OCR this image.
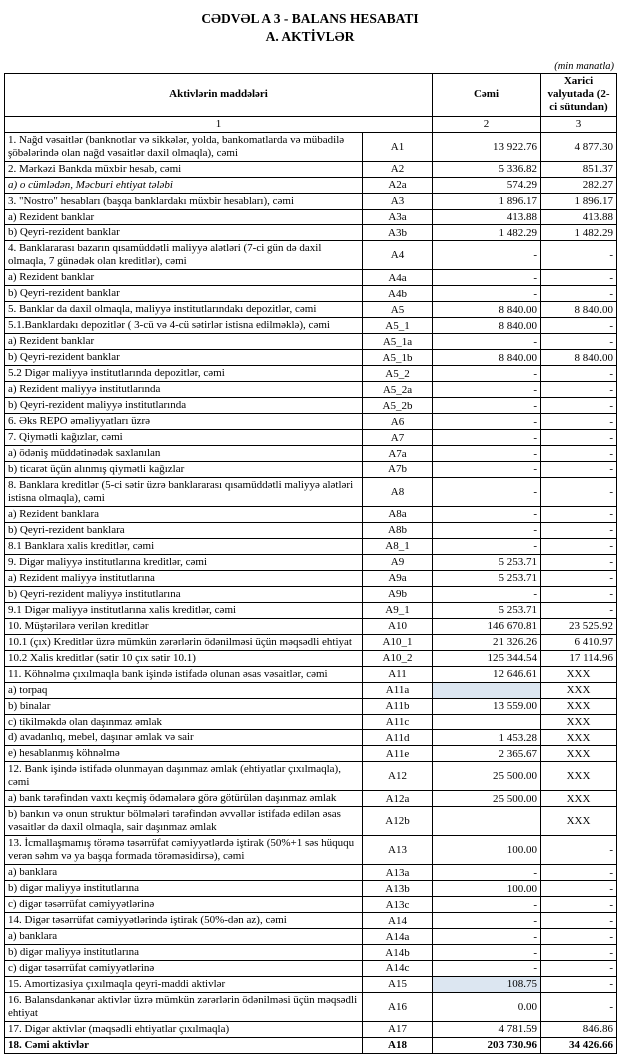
CƏDVƏL A 3 - BALANS HESABATI
A. AKTİVLƏR
(min manatla)
Aktivlərin maddələri		Cəmi	Xarici valyutada (2-ci sütundan)
1		2	3
1. Nağd vəsaitlər (banknotlar və sikkələr, yolda, bankomatlarda və mübadilə şöbələrində olan nağd vəsaitlər daxil olmaqla), cəmi	A1	13 922.76	4 877.30
2. Mərkəzi Bankda müxbir hesab, cəmi	A2	5 336.82	851.37
a) o cümlədən, Məcburi ehtiyat tələbi	A2a	574.29	282.27
3. "Nostro" hesabları (başqa banklardakı müxbir hesabları), cəmi	A3	1 896.17	1 896.17
a) Rezident banklar	A3a	413.88	413.88
b) Qeyri-rezident banklar	A3b	1 482.29	1 482.29
4. Banklararası bazarın qısamüddətli maliyyə alətləri (7-ci gün də daxil olmaqla, 7 günədək olan kreditlər), cəmi	A4	-	-
a) Rezident banklar	A4a	-	-
b) Qeyri-rezident banklar	A4b	-	-
5. Banklar da daxil olmaqla, maliyyə institutlarındakı depozitlər, cəmi	A5	8 840.00	8 840.00
5.1.Banklardakı depozitlər ( 3-cü və 4-cü sətirlər istisna edilməklə), cəmi	A5_1	8 840.00	-
a) Rezident banklar	A5_1a	-	-
b) Qeyri-rezident banklar	A5_1b	8 840.00	8 840.00
5.2 Digər maliyyə institutlarında depozitlər, cəmi	A5_2	-	-
a) Rezident maliyyə institutlarında	A5_2a	-	-
b) Qeyri-rezident maliyyə institutlarında	A5_2b	-	-
6. Əks REPO əməliyyatları üzrə	A6	-	-
7. Qiymətli kağızlar, cəmi	A7	-	-
a) ödəniş müddətinədək saxlanılan	A7a	-	-
b) ticarət üçün alınmış qiymətli kağızlar	A7b	-	-
8. Banklara kreditlər (5-ci sətir üzrə banklararası qısamüddətli maliyyə alətləri istisna olmaqla), cəmi	A8	-	-
a) Rezident banklara	A8a	-	-
b) Qeyri-rezident banklara	A8b	-	-
8.1 Banklara xalis kreditlər, cəmi	A8_1	-	-
9. Digər maliyyə institutlarına kreditlər, cəmi	A9	5 253.71	-
a) Rezident maliyyə institutlarına	A9a	5 253.71	-
b) Qeyri-rezident maliyyə institutlarına	A9b	-	-
9.1 Digər maliyyə institutlarına xalis kreditlər, cəmi	A9_1	5 253.71	-
10. Müştərilərə verilən kreditlər	A10	146 670.81	23 525.92
10.1 (çıx) Kreditlər üzrə mümkün zərərlərin ödənilməsi üçün məqsədli ehtiyat	A10_1	21 326.26	6 410.97
10.2 Xalis kreditlər (sətir 10 çıx sətir 10.1)	A10_2	125 344.54	17 114.96
11. Köhnəlmə çıxılmaqla bank işində istifadə olunan əsas vəsaitlər, cəmi	A11	12 646.61	XXX
a) torpaq	A11a		XXX
b) binalar	A11b	13 559.00	XXX
c) tikilməkdə olan daşınmaz əmlak	A11c		XXX
d) avadanlıq, mebel, daşınar əmlak və sair	A11d	1 453.28	XXX
e) hesablanmış köhnəlmə	A11e	2 365.67	XXX
12. Bank işində istifadə olunmayan daşınmaz əmlak (ehtiyatlar çıxılmaqla), cəmi	A12	25 500.00	XXX
a) bank tərəfindən vaxtı keçmiş ödəmələrə görə götürülən daşınmaz əmlak	A12a	25 500.00	XXX
b) bankın və onun struktur bölmələri tərəfindən əvvəllər istifadə edilən əsas vəsaitlər də daxil olmaqla, sair daşınmaz əmlak	A12b		XXX
13. İcmallaşmamış törəmə təsərrüfat cəmiyyətlərdə iştirak (50%+1 səs hüququ verən səhm və ya başqa formada törəməsidirsə), cəmi	A13	100.00	-
a) banklara	A13a	-	-
b) digər maliyyə institutlarına	A13b	100.00	-
c) digər təsərrüfat cəmiyyətlərinə	A13c	-	-
14. Digər təsərrüfat cəmiyyətlərində iştirak (50%-dən az), cəmi	A14	-	-
a) banklara	A14a	-	-
b) digər maliyyə institutlarına	A14b	-	-
c) digər təsərrüfat cəmiyyətlərinə	A14c	-	-
15. Amortizasiya çıxılmaqla qeyri-maddi aktivlər	A15	108.75	-
16. Balansdankənar aktivlər üzrə mümkün zərərlərin ödənilməsi üçün məqsədli ehtiyat	A16	0.00	-
17. Digər aktivlər (məqsədli ehtiyatlar çıxılmaqla)	A17	4 781.59	846.86
18. Cəmi aktivlər	A18	203 730.96	34 426.66
